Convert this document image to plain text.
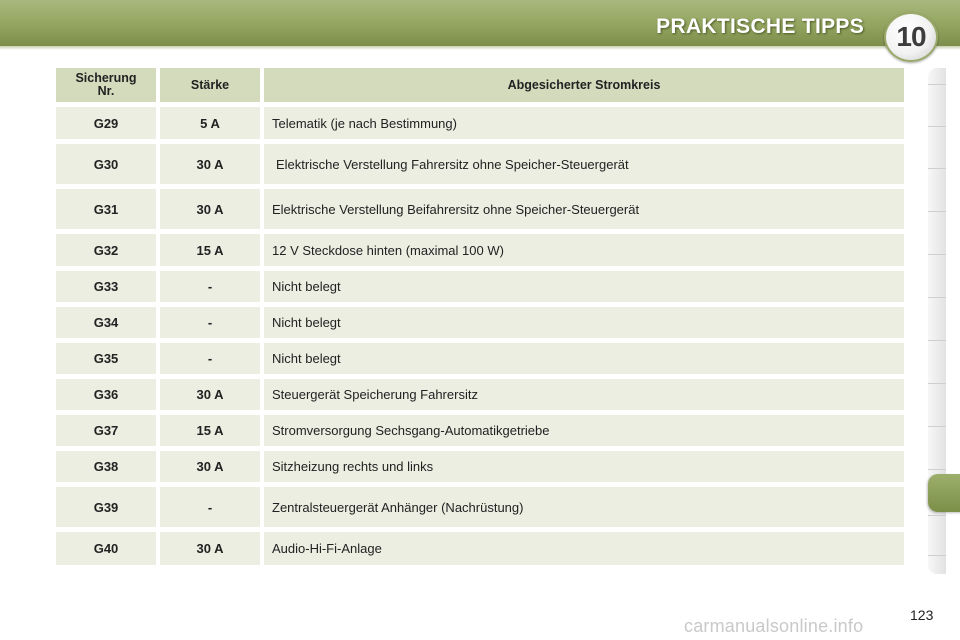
PRAKTISCHE TIPPS 10
Sicherung
Nr.	Stärke	Abgesicherter Stromkreis
G29	5 A	Telematik (je nach Bestimmung)
G30	30 A	Elektrische Verstellung Fahrersitz ohne Speicher-Steuergerät
G31	30 A	Elektrische Verstellung Beifahrersitz ohne Speicher-Steuergerät
G32	15 A	12 V Steckdose hinten (maximal 100 W)
G33	-	Nicht belegt
G34	-	Nicht belegt
G35	-	Nicht belegt
G36	30 A	Steuergerät Speicherung Fahrersitz
G37	15 A	Stromversorgung Sechsgang-Automatikgetriebe
G38	30 A	Sitzheizung rechts und links
G39	-	Zentralsteuergerät Anhänger (Nachrüstung)
G40	30 A	Audio-Hi-Fi-Anlage
123
carmanualsonline.info
